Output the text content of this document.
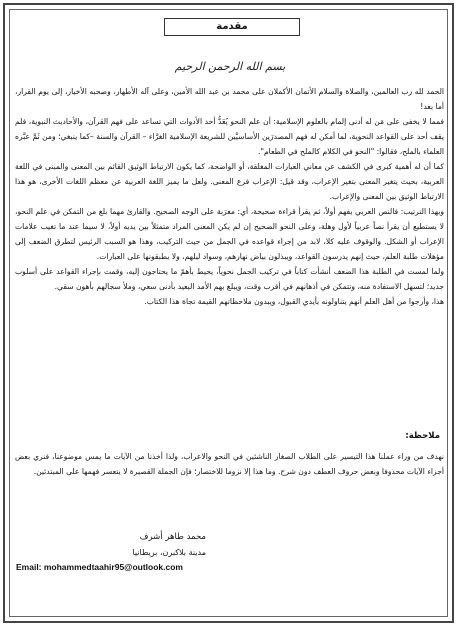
مقدمة
بسم الله الرحمن الرحيم

الحمد لله رب العالمين، والصلاة والسلام الأتمان الأكملان على محمد بن عبد الله الأمين، وعلى آله الأطهار، وصحبه الأخيار، إلى يوم القرار، أما بعد!

فمما لا يخفى على مَن له أدنى إلمام بالعلوم الإسلامية: أن علم النحو يُعَدُّ أحد الأدوات التي تساعد على فهم القرآن، والأحاديث النبوية، فلم يقف أحد على القواعد النحوية، لما أمكن له فهم المصدرَين الأساسيَّين للشريعة الإسلامية الغرَّاء – القرآن والسنة –كما ينبغي؛ ومن ثَمَّ عبَّره العلماء بالملح، فقالوا: "النحو في الكلام كالملح في الطعام".

كما أن له أهمية كبرى في الكشف عن معاني العبارات المغلقة، أو الواضحة، كما يكون الارتباط الوثيق القائم بين المعنى والمبنى في اللغة العربية، بحيث يتغير المعنى بتغير الإعراب، وقد قيل: الإعراب فرع المعنى. ولعل ما يميز اللغة العربية عن معظم اللغات الأخرى، هو هذا الارتباط الوثيق بين المعنى والإعراب.

وبهذا الترتيب: فالنص العربي يفهم أولاً، ثم يقرأ قراءة صحيحة، أي: معرَبة على الوجه الصحيح. والقارئ مهما بلغ من التمكن في علم النحو، لا يستطيع أن يقرأ نصاً عربياً لأول وهلة، وعلى النحو الصحيح إن لم يكن المعنى المراد متمثلاً بين يديه أولاً، لا سيما عند ما تغيب علامات الإعراب أو الشكل. والوقوف عليه كلا، لابد من إجراء قواعده في الجمل من حيث التركيب، وهذا هو السبب الرئيس لتطرق الضعف إلى مؤهلات طلبة العلم، حيث إنهم يدرسون القواعد، ويبذلون بياض نهارهم، وسواد ليلهم، ولا يطبقونها على العبارات.

ولما لمست في الطلبة هذا الضعف أنشأت كتاباً في تركيب الجمل نحوياً، يحيط بأهمّ ما يحتاجون إليه، وقمت بإجراء القواعد على أسلوب جديد؛ لتسهل الاستفادة منه، وتتمكن في أذهانهم في أقرب وقت، ويبلغ بهم الأمد البعيد بأدنى سعي، وملأ سجالهم بأهون سقي.

هذا، وأرجوا من أهل العلم أنهم يتناولونه بأيدي القبول، ويبدون ملاحظاتهم القيمة تجاهَ هذا الكتاب.

ملاحظة:
نهدف من وراء عملنا هذا التيسير على الطلاب الصغار الناشئين في النحو والاعراب، ولذا أخذنا من الآيات ما يمس موضوعنا، فنري بعض أجزاء الآيات محذوفا وبعض حروف العطف دون شرح. وما هذا إلا نزوما للاختصار؛ فإن الجملة القصيرة لا يتعسر فهمها على المبتدئين.
محمد طاهر أشرف
مدينة بلاكبرن، بريطانيا
Email: mohammedtaahir95@outlook.com
